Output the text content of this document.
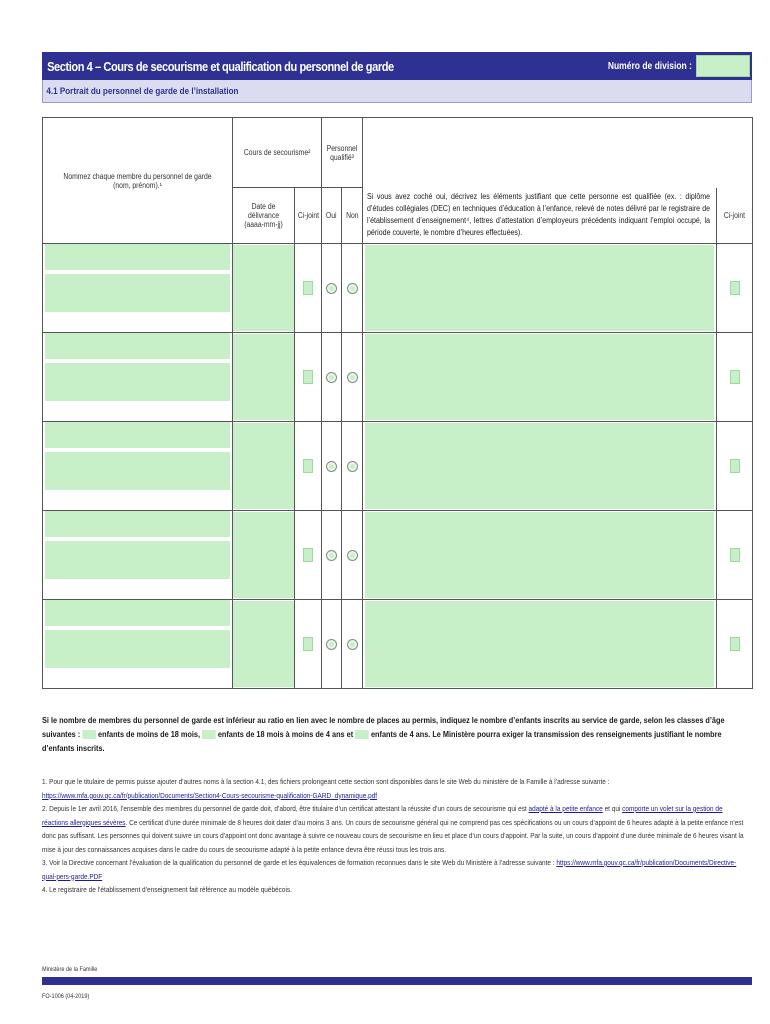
Section 4 – Cours de secourisme et qualification du personnel de garde	Numéro de division :
4.1 Portrait du personnel de garde de l’installation
Nommez chaque membre du personnel de garde (nom, prénom).¹	Cours de secourisme²		Personnel qualifié³			
	Date de délivrance (aaaa-mm-jj)	Ci-joint	Oui	Non	Si vous avez coché oui, décrivez les éléments justifiant que cette personne est qualifiée (ex. : diplôme d’études collégiales (DEC) en techniques d’éducation à l’enfance, relevé de notes délivré par le registraire de l’établissement d’enseignement⁴, lettres d’attestation d’employeurs précédents indiquant l’emploi occupé, la période couverte, le nombre d’heures effectuées).	Ci-joint

Si le nombre de membres du personnel de garde est inférieur au ratio en lien avec le nombre de places au permis, indiquez le nombre d’enfants inscrits au service de garde, selon les classes d’âge suivantes : enfants de moins de 18 mois, enfants de 18 mois à moins de 4 ans et enfants de 4 ans. Le Ministère pourra exiger la transmission des renseignements justifiant le nombre d’enfants inscrits.
1. Pour que le titulaire de permis puisse ajouter d’autres noms à la section 4.1, des fichiers prolongeant cette section sont disponibles dans le site Web du ministère de la Famille à l’adresse suivante : https://www.mfa.gouv.qc.ca/fr/publication/Documents/Section4-Cours-secourisme-qualification-GARD_dynamique.pdf
2. Depuis le 1er avril 2016, l’ensemble des membres du personnel de garde doit, d’abord, être titulaire d’un certificat attestant la réussite d’un cours de secourisme qui est adapté à la petite enfance et qui comporte un volet sur la gestion de réactions allergiques sévères. Ce certificat d’une durée minimale de 8 heures doit dater d’au moins 3 ans. Un cours de secourisme général qui ne comprend pas ces spécifications ou un cours d’appoint de 6 heures adapté à la petite enfance n’est donc pas suffisant. Les personnes qui doivent suivre un cours d’appoint ont donc avantage à suivre ce nouveau cours de secourisme en lieu et place d’un cours d’appoint. Par la suite, un cours d’appoint d’une durée minimale de 6 heures visant la mise à jour des connaissances acquises dans le cadre du cours de secourisme adapté à la petite enfance devra être réussi tous les trois ans.
3. Voir la Directive concernant l’évaluation de la qualification du personnel de garde et les équivalences de formation reconnues dans le site Web du Ministère à l’adresse suivante : https://www.mfa.gouv.qc.ca/fr/publication/Documents/Directive-qual-pers-garde.PDF
4. Le registraire de l’établissement d’enseignement fait référence au modèle québécois.
Ministère de la Famille
FO-1006 (04-2019)
